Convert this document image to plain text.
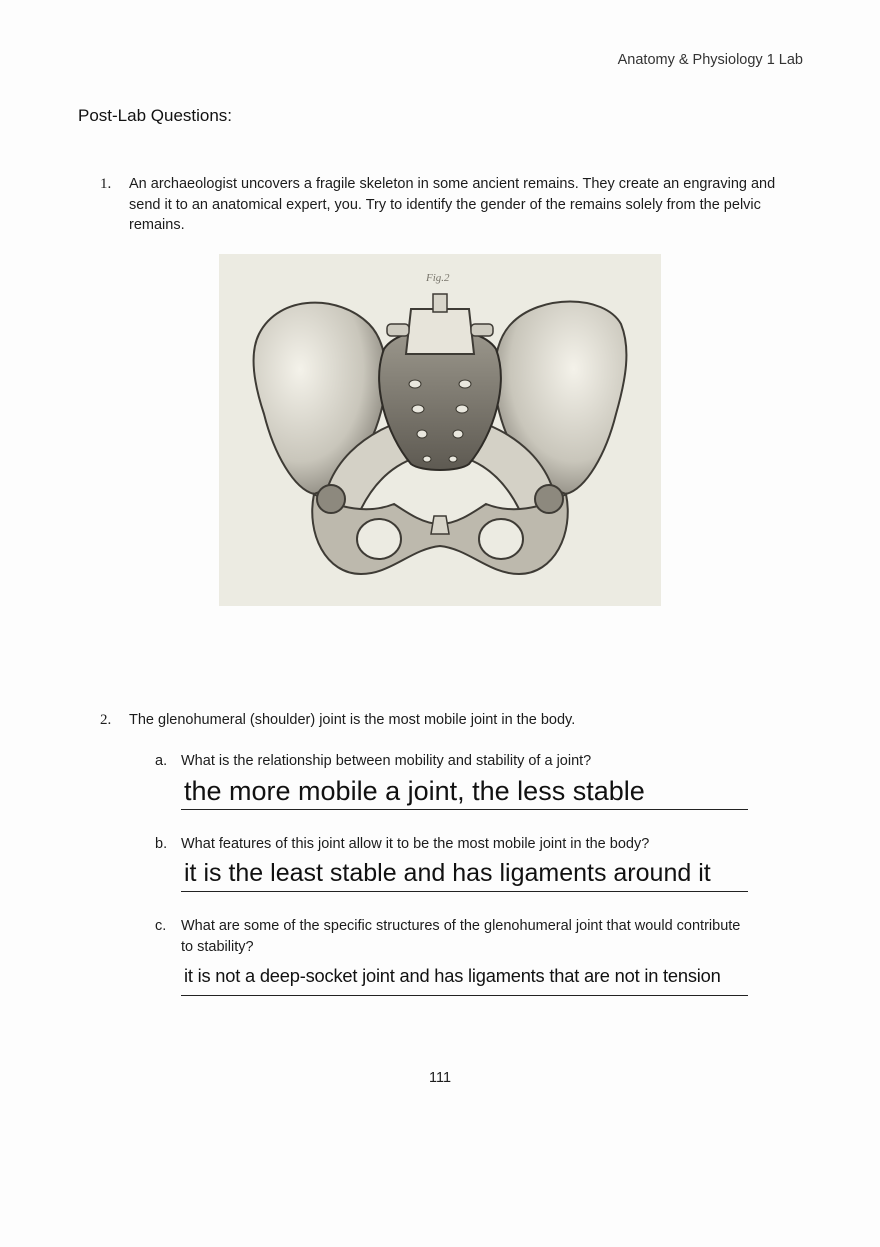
Anatomy & Physiology 1 Lab
Post-Lab Questions:
1. An archaeologist uncovers a fragile skeleton in some ancient remains. They create an engraving and send it to an anatomical expert, you. Try to identify the gender of the remains solely from the pelvic remains.
Fig.2
2. The glenohumeral (shoulder) joint is the most mobile joint in the body.
a. What is the relationship between mobility and stability of a joint?
the more mobile a joint, the less stable
b. What features of this joint allow it to be the most mobile joint in the body?
it is the least stable and has ligaments around it
c. What are some of the specific structures of the glenohumeral joint that would contribute to stability?
it is not a deep-socket joint and has ligaments that are not in tension
111
